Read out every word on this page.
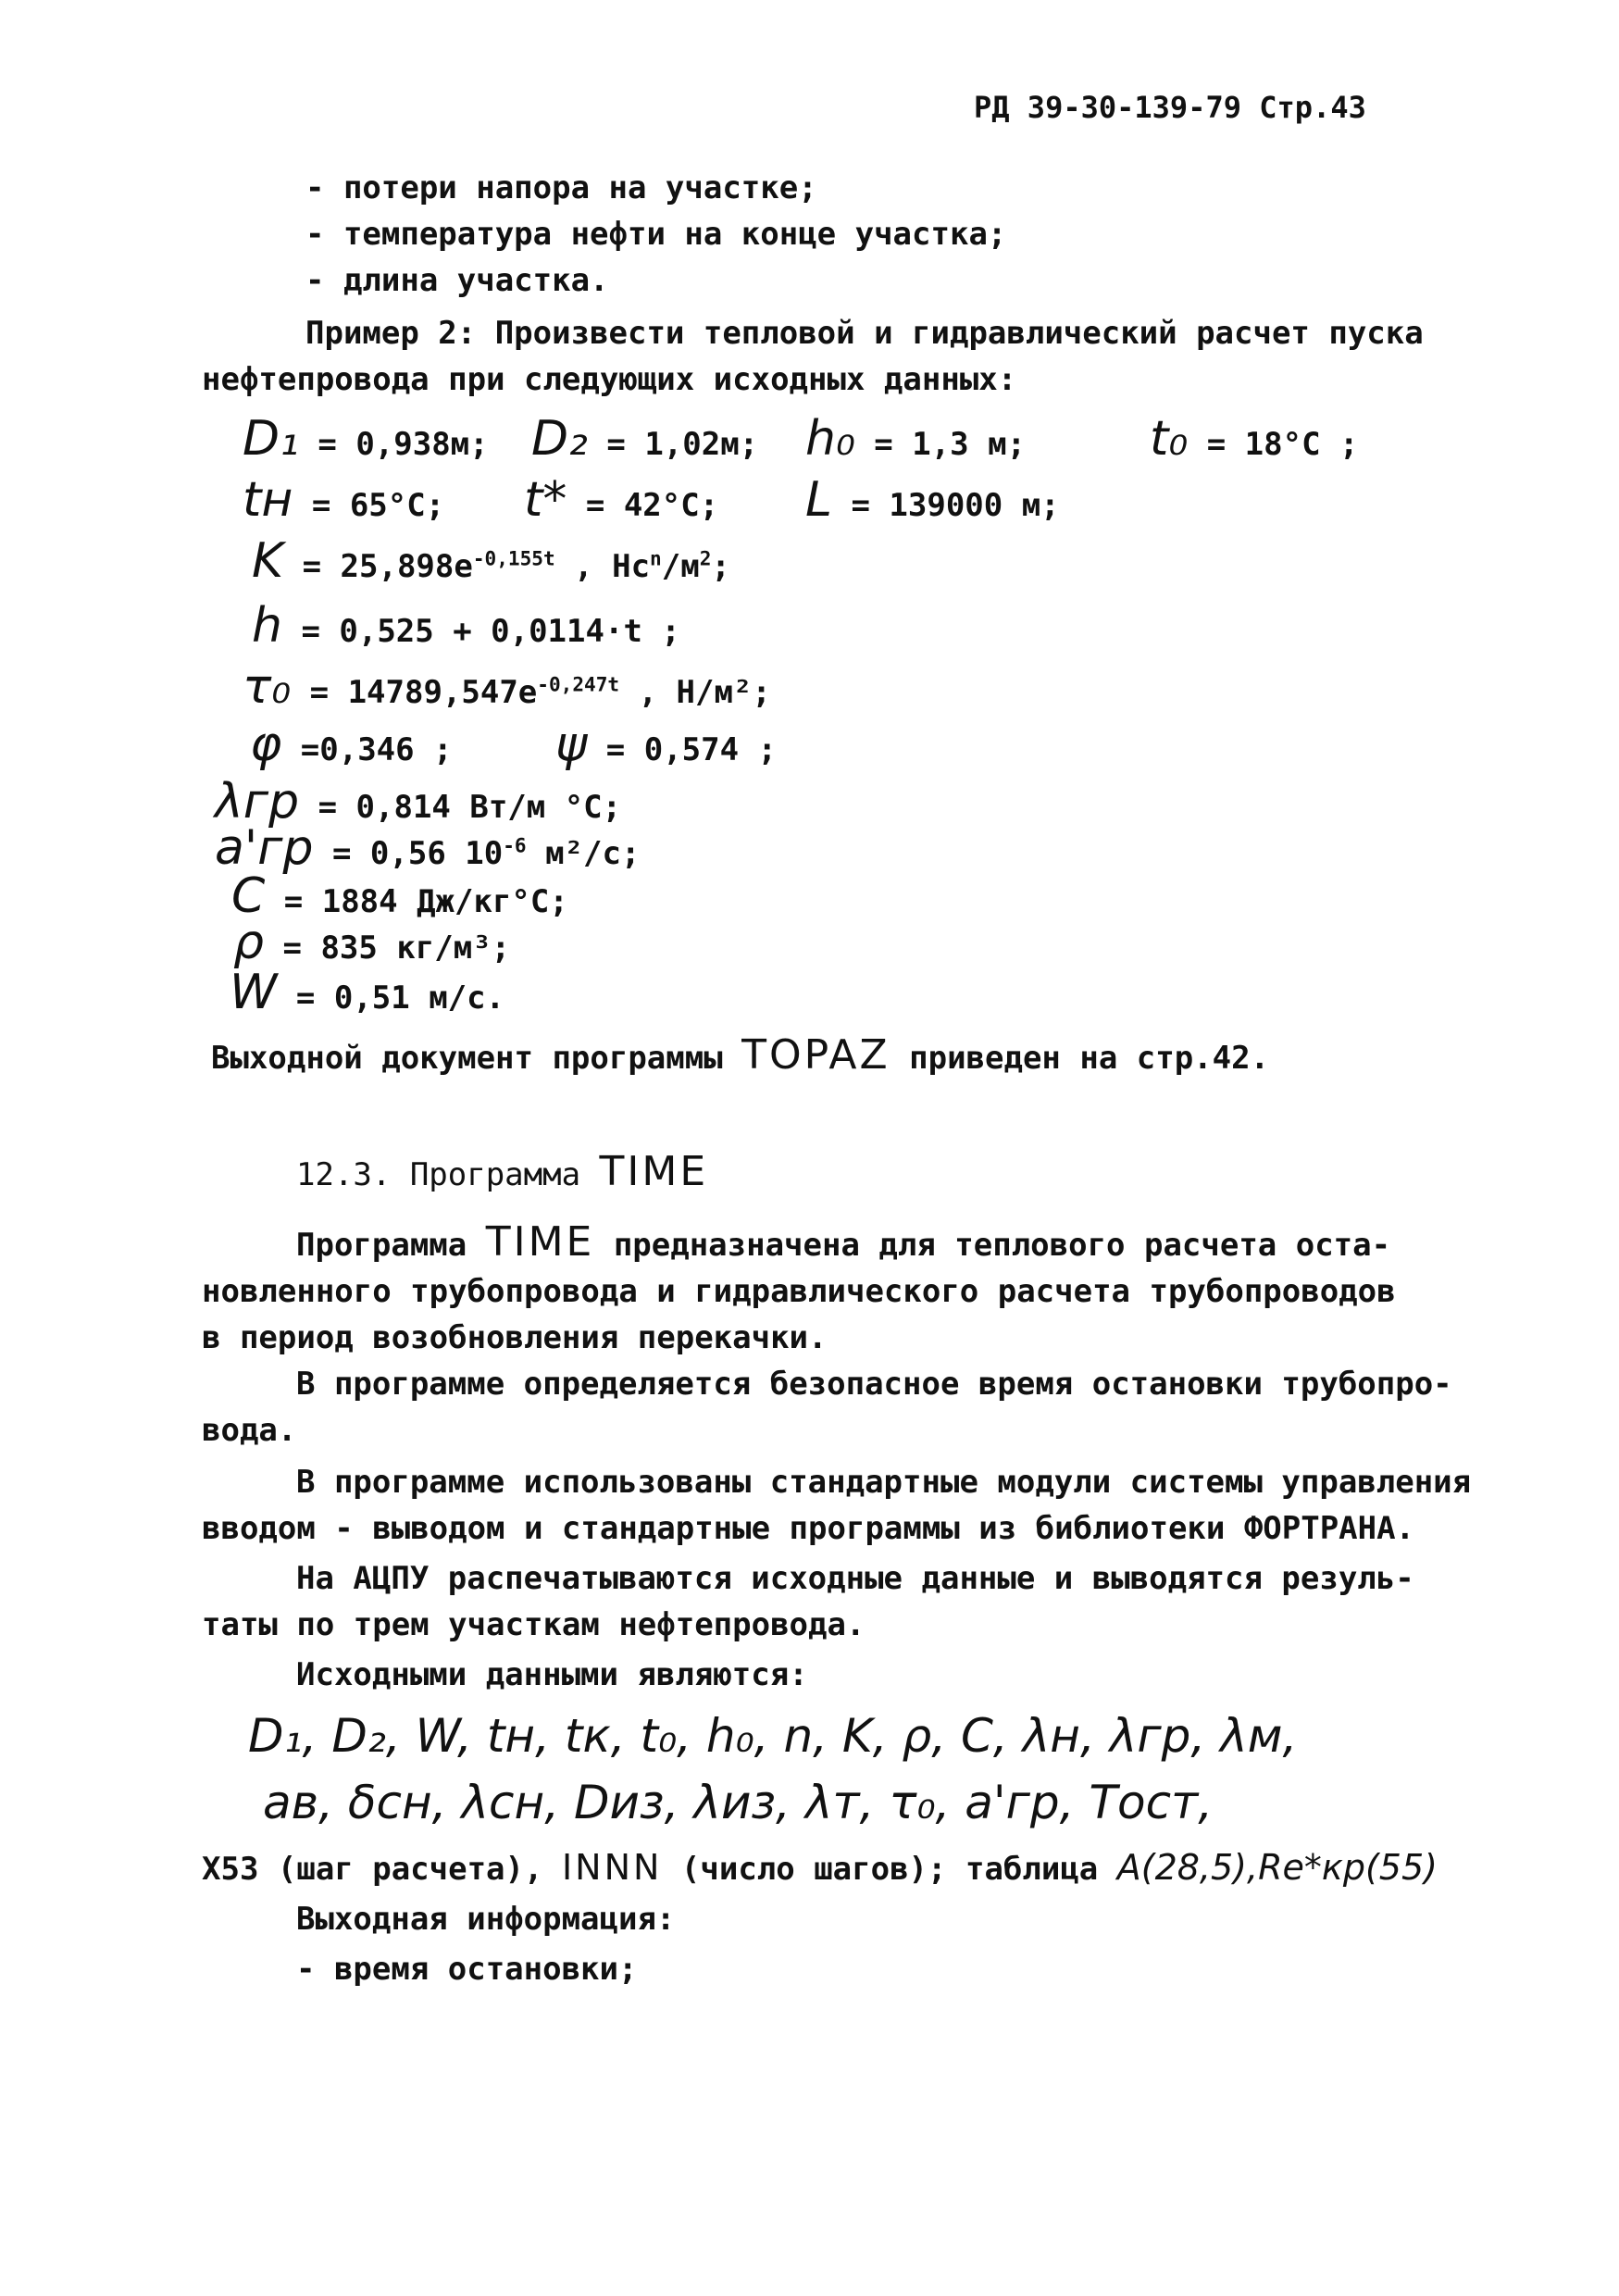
РД 39-30-139-79 Стр.43
- потери напора на участке;
- температура нефти на конце участка;
- длина участка.
Пример 2: Произвести тепловой и гидравлический расчет пуска
нефтепровода при следующих исходных данных:
D₁ = 0,938м; D₂ = 1,02м; h₀ = 1,3 м;	t₀ = 18°C ;
tн = 65°C; t* = 42°C; L = 139000 м;
$K = 25,898e^{-0,155t}$ , $Нс^n/м^2$;
h = 0,525 + 0,0114·t ;
$\tau_0 = 14789,547e^{-0,247t}$ , Н/м²;
φ =0,346 ; ψ = 0,574 ;
λгр = 0,814 Вт/м °С;
a'гр = 0,56 $10^{-6}$ м²/с;
C = 1884 Дж/кг°С;
ρ = 835 кг/м³;
W = 0,51 м/с.
Выходной документ программы TOPAZ приведен на стр.42.
12.3. Программа TIME
Программа TIME предназначена для теплового расчета оста-
новленного трубопровода и гидравлического расчета трубопроводов
в период возобновления перекачки.
В программе определяется безопасное время остановки трубопро-
вода.
В программе использованы стандартные модули системы управления
вводом - выводом и стандартные программы из библиотеки ФОРТРАНА.
На АЦПУ распечатываются исходные данные и выводятся резуль-
таты по трем участкам нефтепровода.
Исходными данными являются:
D₁, D₂, W, tн, tк, t₀, h₀, n, K, ρ, C, λн, λгр, λм,
aв, δсн, λсн, Dиз, λиз, λт, τ₀, a'гр, Tост,
X53 (шаг расчета), INNN (число шагов); таблица A(28,5),Re*кр(55)
Выходная информация:
- время остановки;
